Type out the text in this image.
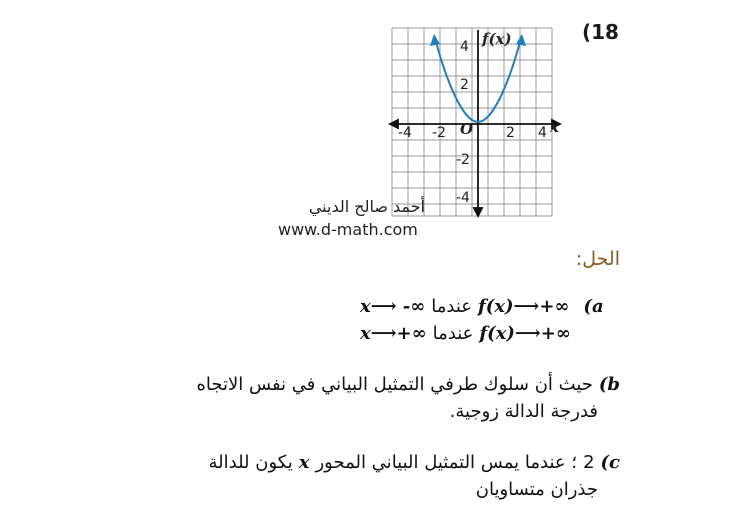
(18
f(x)
x
O
-4 -2	2 4
4
2
-2
-4
أحمد صالح الديني
www.d-math.com
الحل:
x⟶ -∞ عندما f(x)⟶+∞ (a
x⟶+∞ عندما f(x)⟶+∞
حيث أن سلوك طرفي التمثيل البياني في نفس الاتجاه (b
فدرجة الدالة زوجية.
يكون للدالة x ؛ عندما يمس التمثيل البياني المحور 2 (c
جذران متساويان
